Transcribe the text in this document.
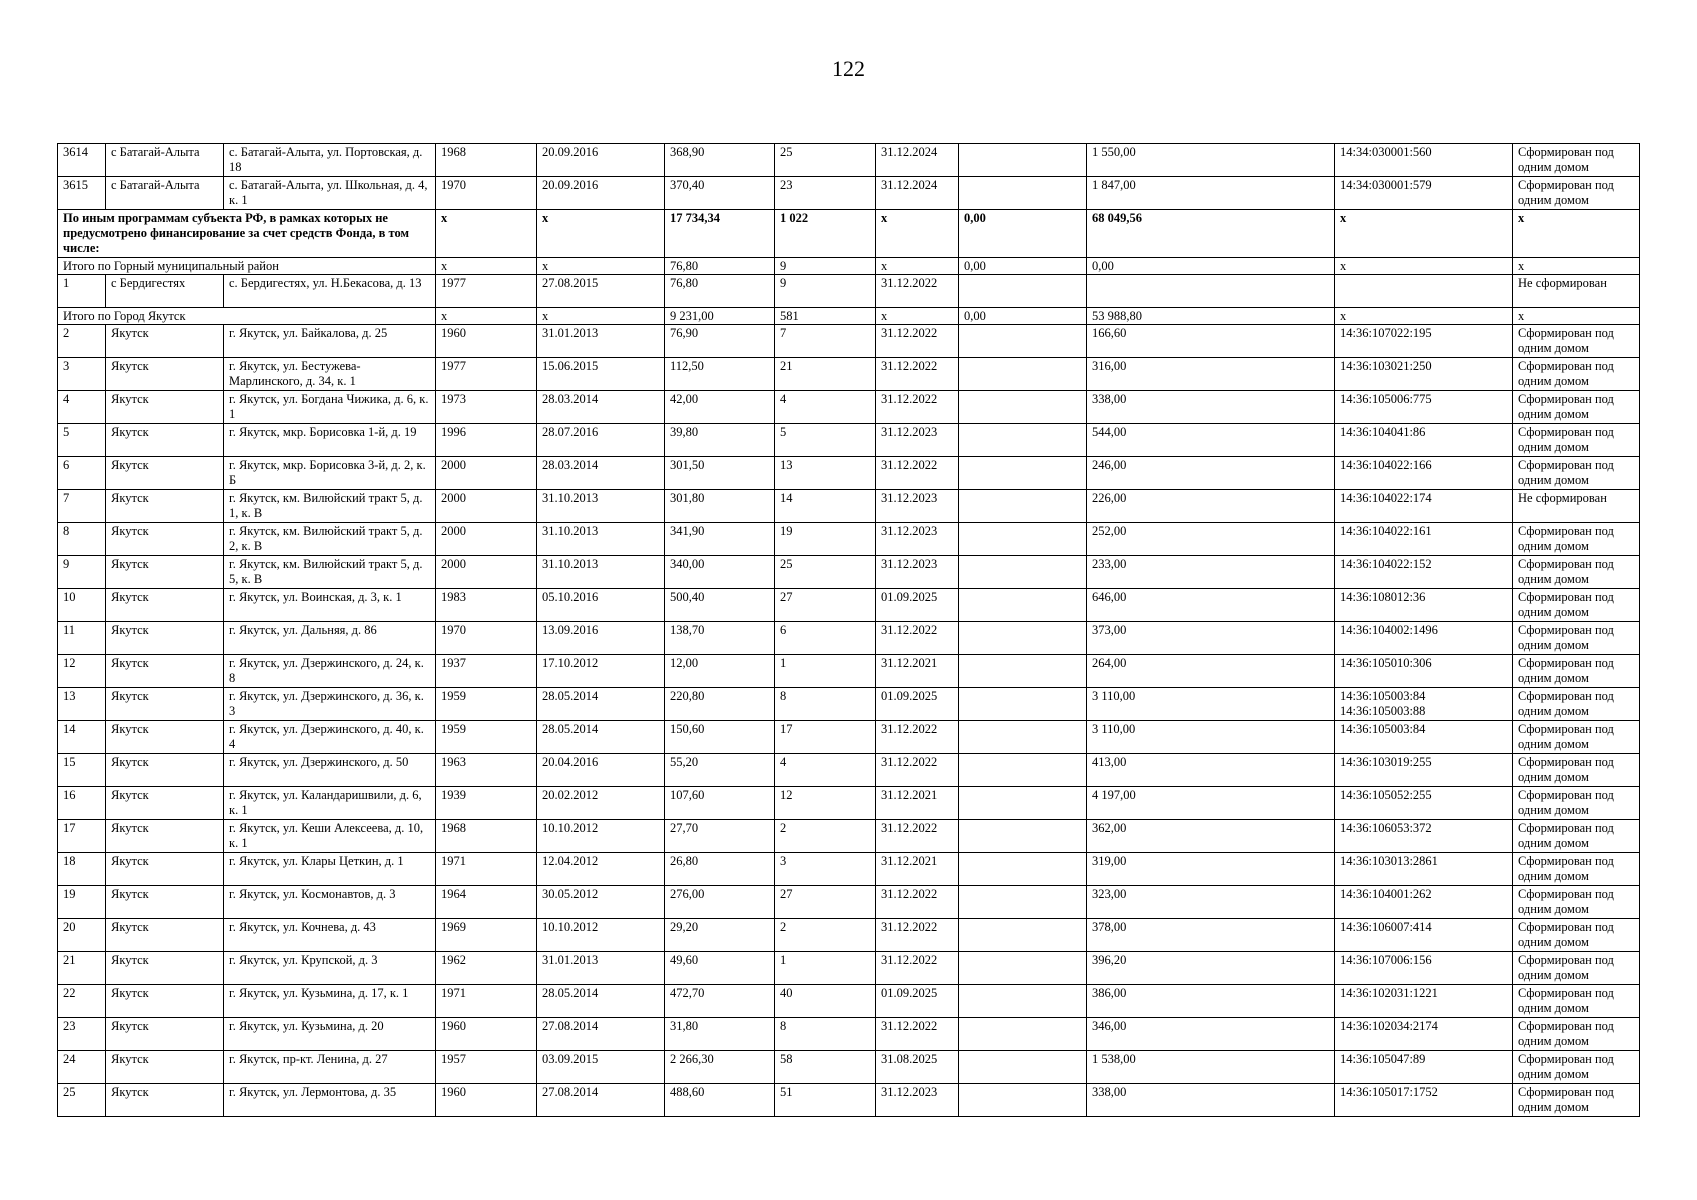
122
3614	с Батагай-Алыта	с. Батагай-Алыта, ул. Портовская, д. 18	1968	20.09.2016	368,90	25	31.12.2024		1 550,00	14:34:030001:560	Сформирован под одним домом
3615	с Батагай-Алыта	с. Батагай-Алыта, ул. Школьная, д. 4, к. 1	1970	20.09.2016	370,40	23	31.12.2024		1 847,00	14:34:030001:579	Сформирован под одним домом
По иным программам субъекта РФ, в рамках которых не предусмотрено финансирование за счет средств Фонда, в том числе:			х	х	17 734,34	1 022	х	0,00	68 049,56	х	х
Итого по Горный муниципальный район			х	х	76,80	9	х	0,00	0,00	х	х
1	с Бердигестях	с. Бердигестях, ул. Н.Бекасова, д. 13	1977	27.08.2015	76,80	9	31.12.2022				Не сформирован
Итого по Город Якутск			х	х	9 231,00	581	х	0,00	53 988,80	х	х
2	Якутск	г. Якутск, ул. Байкалова, д. 25	1960	31.01.2013	76,90	7	31.12.2022		166,60	14:36:107022:195	Сформирован под одним домом
3	Якутск	г. Якутск, ул. Бестужева-Марлинского, д. 34, к. 1	1977	15.06.2015	112,50	21	31.12.2022		316,00	14:36:103021:250	Сформирован под одним домом
4	Якутск	г. Якутск, ул. Богдана Чижика, д. 6, к. 1	1973	28.03.2014	42,00	4	31.12.2022		338,00	14:36:105006:775	Сформирован под одним домом
5	Якутск	г. Якутск, мкр. Борисовка 1-й, д. 19	1996	28.07.2016	39,80	5	31.12.2023		544,00	14:36:104041:86	Сформирован под одним домом
6	Якутск	г. Якутск, мкр. Борисовка 3-й, д. 2, к. Б	2000	28.03.2014	301,50	13	31.12.2022		246,00	14:36:104022:166	Сформирован под одним домом
7	Якутск	г. Якутск, км. Вилюйский тракт 5, д. 1, к. В	2000	31.10.2013	301,80	14	31.12.2023		226,00	14:36:104022:174	Не сформирован
8	Якутск	г. Якутск, км. Вилюйский тракт 5, д. 2, к. В	2000	31.10.2013	341,90	19	31.12.2023		252,00	14:36:104022:161	Сформирован под одним домом
9	Якутск	г. Якутск, км. Вилюйский тракт 5, д. 5, к. В	2000	31.10.2013	340,00	25	31.12.2023		233,00	14:36:104022:152	Сформирован под одним домом
10	Якутск	г. Якутск, ул. Воинская, д. 3, к. 1	1983	05.10.2016	500,40	27	01.09.2025		646,00	14:36:108012:36	Сформирован под одним домом
11	Якутск	г. Якутск, ул. Дальняя, д. 86	1970	13.09.2016	138,70	6	31.12.2022		373,00	14:36:104002:1496	Сформирован под одним домом
12	Якутск	г. Якутск, ул. Дзержинского, д. 24, к. 8	1937	17.10.2012	12,00	1	31.12.2021		264,00	14:36:105010:306	Сформирован под одним домом
13	Якутск	г. Якутск, ул. Дзержинского, д. 36, к. 3	1959	28.05.2014	220,80	8	01.09.2025		3 110,00	14:36:105003:84 14:36:105003:88	Сформирован под одним домом
14	Якутск	г. Якутск, ул. Дзержинского, д. 40, к. 4	1959	28.05.2014	150,60	17	31.12.2022		3 110,00	14:36:105003:84	Сформирован под одним домом
15	Якутск	г. Якутск, ул. Дзержинского, д. 50	1963	20.04.2016	55,20	4	31.12.2022		413,00	14:36:103019:255	Сформирован под одним домом
16	Якутск	г. Якутск, ул. Каландаришвили, д. 6, к. 1	1939	20.02.2012	107,60	12	31.12.2021		4 197,00	14:36:105052:255	Сформирован под одним домом
17	Якутск	г. Якутск, ул. Кеши Алексеева, д. 10, к. 1	1968	10.10.2012	27,70	2	31.12.2022		362,00	14:36:106053:372	Сформирован под одним домом
18	Якутск	г. Якутск, ул. Клары Цеткин, д. 1	1971	12.04.2012	26,80	3	31.12.2021		319,00	14:36:103013:2861	Сформирован под одним домом
19	Якутск	г. Якутск, ул. Космонавтов, д. 3	1964	30.05.2012	276,00	27	31.12.2022		323,00	14:36:104001:262	Сформирован под одним домом
20	Якутск	г. Якутск, ул. Кочнева, д. 43	1969	10.10.2012	29,20	2	31.12.2022		378,00	14:36:106007:414	Сформирован под одним домом
21	Якутск	г. Якутск, ул. Крупской, д. 3	1962	31.01.2013	49,60	1	31.12.2022		396,20	14:36:107006:156	Сформирован под одним домом
22	Якутск	г. Якутск, ул. Кузьмина, д. 17, к. 1	1971	28.05.2014	472,70	40	01.09.2025		386,00	14:36:102031:1221	Сформирован под одним домом
23	Якутск	г. Якутск, ул. Кузьмина, д. 20	1960	27.08.2014	31,80	8	31.12.2022		346,00	14:36:102034:2174	Сформирован под одним домом
24	Якутск	г. Якутск, пр-кт. Ленина, д. 27	1957	03.09.2015	2 266,30	58	31.08.2025		1 538,00	14:36:105047:89	Сформирован под одним домом
25	Якутск	г. Якутск, ул. Лермонтова, д. 35	1960	27.08.2014	488,60	51	31.12.2023		338,00	14:36:105017:1752	Сформирован под одним домом
